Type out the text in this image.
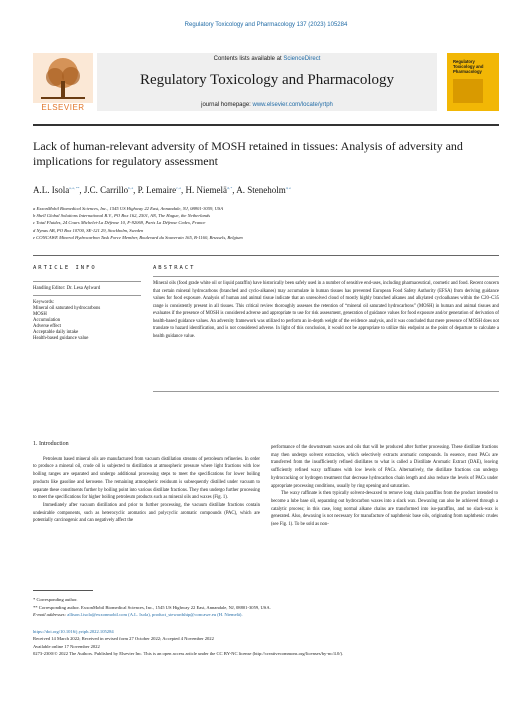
Regulatory Toxicology and Pharmacology 137 (2023) 105284
ELSEVIER
Contents lists available at ScienceDirect
Regulatory Toxicology and Pharmacology
journal homepage: www.elsevier.com/locate/yrtph
Regulatory Toxicology and Pharmacology
Lack of human-relevant adversity of MOSH retained in tissues: Analysis of adversity and implications for regulatory assessment
A.L. Isola$^{a, e, **}$, J.C. Carrillo$^{b, e}$, P. Lemaire$^{c, e}$, H. Niemelä$^{d, *}$, A. Steneholm$^{d, e}$
a ExxonMobil Biomedical Sciences, Inc., 1545 US Highway 22 East, Annandale, NJ, 08801-3059, USA
b Shell Global Solutions International B.V., PO Box 162, 2501, AN, The Hague, the Netherlands
c Total Fluides, 24 Cours Michelet-La Défense 10, F-92069, Paris La Défense Cedex, France
d Nynas AB, PO Box 10700, SE-121 29, Stockholm, Sweden
e CONCAWE Mineral Hydrocarbon Task Force Member, Boulevard du Souverain 165, B-1160, Brussels, Belgium
ARTICLE INFO	ABSTRACT
Handling Editor: Dr. Lesa Aylward
Keywords:
Mineral oil saturated hydrocarbons
MOSH
Accumulation
Adverse effect
Acceptable daily intake
Health-based guidance value
Mineral oils (food grade white oil or liquid paraffin) have historically been safely used in a number of sensitive end-uses, including pharmaceutical, cosmetic and food. Recent concern that certain mineral hydrocarbons (branched and cyclo-alkanes) may accumulate in human tissues has prevented European Food Safety Authority (EFSA) from deriving guidance values for food exposure. Analysis of human and animal tissue indicate that an unresolved cloud of mostly highly branched alkanes and alkylated cycloalkanes within the C20–C35 range is consistently present in all tissues. This critical review thoroughly assesses the retention of “mineral oil saturated hydrocarbons” (MOSH) in human and animal tissues and evaluates if the presence of MOSH is considered adverse and appropriate to use for risk assessment, generation of guidance values for food exposure and/or generation of derivation of health-based guidance values. An adversity framework was utilized to perform an in-depth weight of the evidence analysis, and it was concluded that mere presence of MOSH does not translate to hazard identification, and is not considered adverse. In light of this conclusion, it would not be appropriate to utilize this endpoint as the point of departure to calculate a health guidance value.
1. Introduction

Petroleum based mineral oils are manufactured from vacuum distillation streams of petroleum refineries. In order to produce a mineral oil, crude oil is subjected to distillation at atmospheric pressure where light fractions with low boiling ranges are separated and undergo additional processing steps to meet the specifications for lower boiling products like gasoline and kerosene. The remaining atmospheric residuum is subsequently distilled under vacuum to separate these constituents further by boiling point into various distillate fractions. They then undergo further processing to meet the specifications for higher boiling petroleum products such as mineral oils and waxes (Fig. 1).

Immediately after vacuum distillation and prior to further processing, the vacuum distillate fractions contain undesirable components, such as heterocyclic aromatics and polycyclic aromatic compounds (PAC), which are potentially carcinogenic and can negatively affect the

performance of the downstream waxes and oils that will be produced after further processing. These distillate fractions may then undergo solvent extraction, which selectively extracts aromatic compounds. In essence, most PACs are transferred from the insufficiently refined distillates to what is called a Distillate Aromatic Extract (DAE), leaving sufficiently refined waxy raffinates with low levels of PACs. Alternatively, the distillate fractions can undergo hydrocracking or hydrogen treatment that decrease hydrocarbon chain length and also reduce the levels of PACs under appropriate processing conditions, usually by ring opening and saturation.

The waxy raffinate is then typically solvent-dewaxed to remove long chain paraffins from the product intended to become a lube base oil, separating out hydrocarbon waxes into a slack wax. Dewaxing can also be achieved through a catalytic process; in this case, long normal alkane chains are transformed into iso-paraffins, and no slack-wax is generated. Also, dewaxing is not necessary for manufacture of naphthenic base oils, originating from naphthenic crudes (see Fig. 1). To be sold as non-

* Corresponding author.
** Corresponding author. ExxonMobil Biomedical Sciences, Inc., 1545 US Highway 22 East, Annandale, NJ, 08801-3059, USA.
E-mail addresses: allison.l.isola@exxonmobil.com (A.L. Isola), product_stewardship@concawe.eu (H. Niemelä).
https://doi.org/10.1016/j.yrtph.2022.105284
Received 14 March 2022; Received in revised form 27 October 2022; Accepted 4 November 2022
Available online 17 November 2022
0273-2300/© 2022 The Authors. Published by Elsevier Inc. This is an open access article under the CC BY-NC license (http://creativecommons.org/licenses/by-nc/4.0/).
